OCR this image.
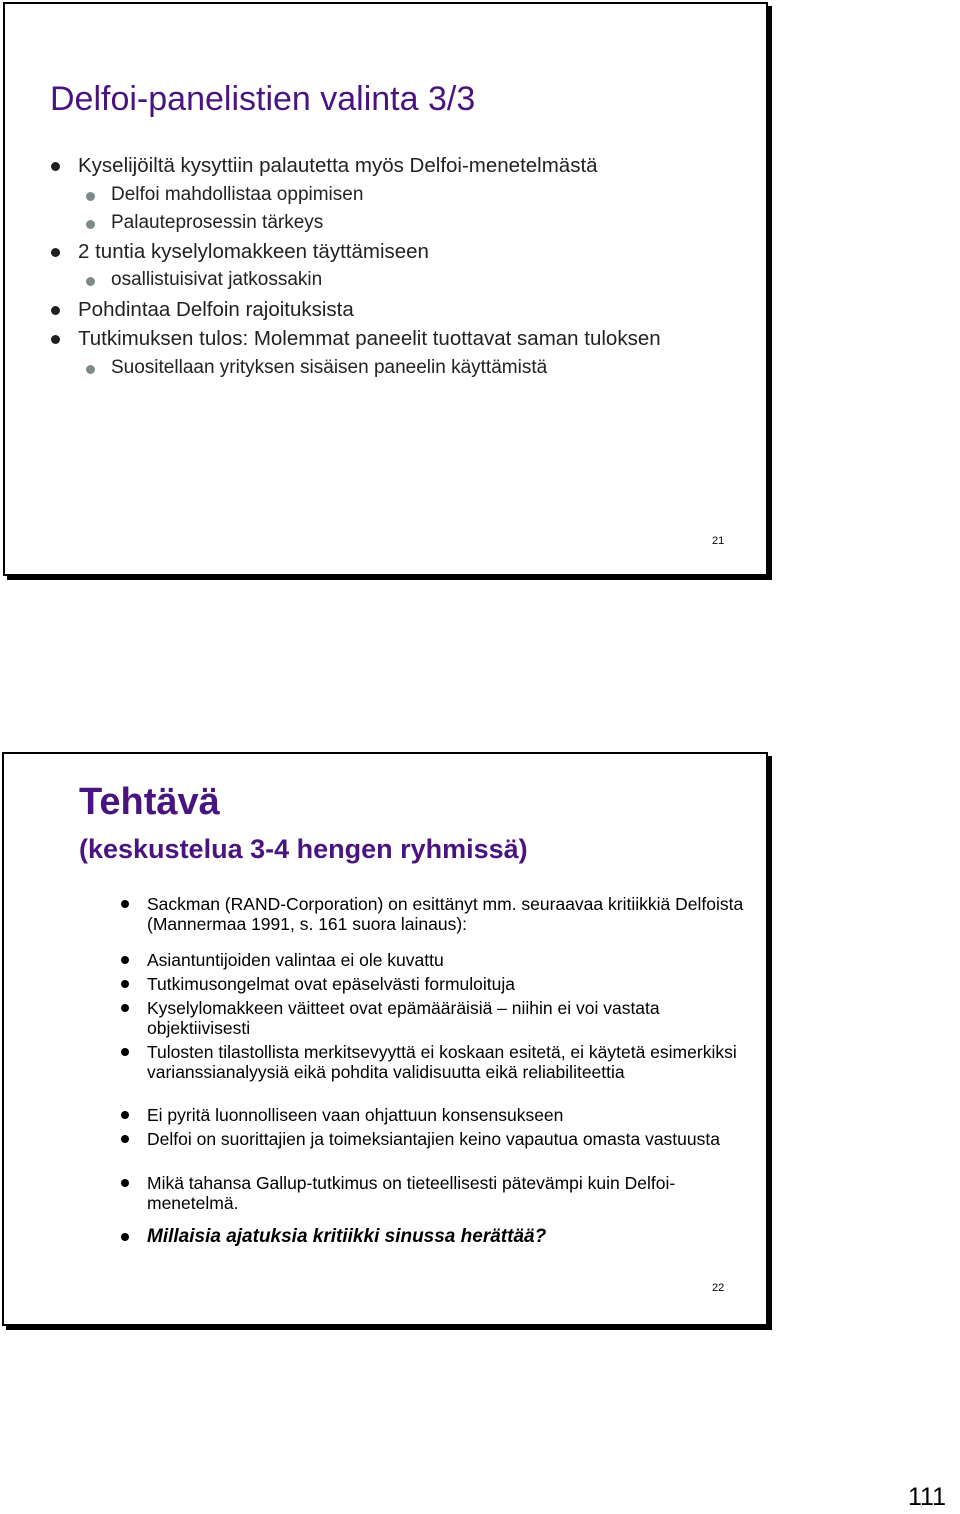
Delfoi-panelistien valinta 3/3
Kyselijöiltä kysyttiin palautetta myös Delfoi-menetelmästä
Delfoi mahdollistaa oppimisen
Palauteprosessin tärkeys
2 tuntia kyselylomakkeen täyttämiseen
osallistuisivat jatkossakin
Pohdintaa Delfoin rajoituksista
Tutkimuksen tulos: Molemmat paneelit tuottavat saman tuloksen
Suositellaan yrityksen sisäisen paneelin käyttämistä
21
Tehtävä
(keskustelua 3-4 hengen ryhmissä)
Sackman (RAND-Corporation) on esittänyt mm. seuraavaa kritiikkiä Delfoista (Mannermaa 1991, s. 161 suora lainaus):
Asiantuntijoiden valintaa ei ole kuvattu
Tutkimusongelmat ovat epäselvästi formuloituja
Kyselylomakkeen väitteet ovat epämääräisiä – niihin ei voi vastata objektiivisesti
Tulosten tilastollista merkitsevyyttä ei koskaan esitetä, ei käytetä esimerkiksi varianssianalyysiä eikä pohdita validisuutta eikä reliabiliteettia
Ei pyritä luonnolliseen vaan ohjattuun konsensukseen
Delfoi on suorittajien ja toimeksiantajien keino vapautua omasta vastuusta
Mikä tahansa Gallup-tutkimus on tieteellisesti pätevämpi kuin Delfoi-menetelmä.
Millaisia ajatuksia kritiikki sinussa herättää?
22
111
